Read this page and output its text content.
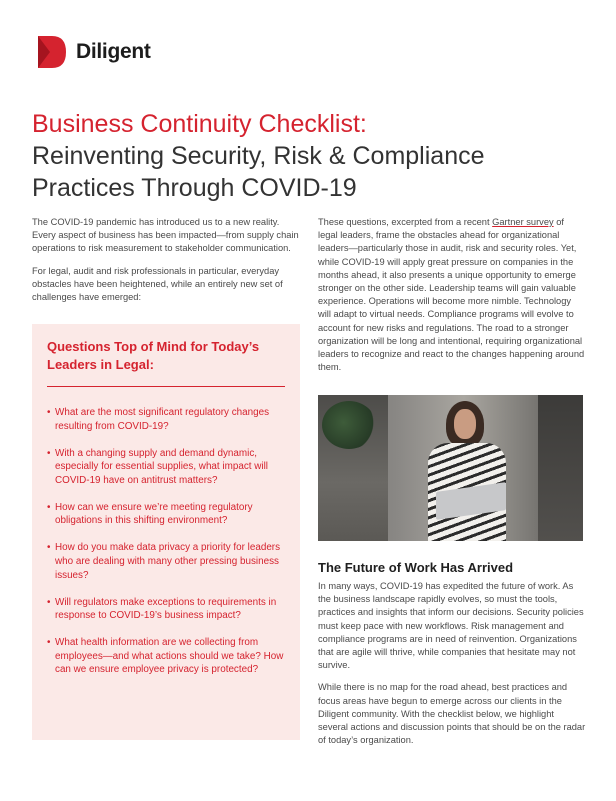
Diligent
Business Continuity Checklist:
Reinventing Security, Risk & Compliance Practices Through COVID-19

The COVID-19 pandemic has introduced us to a new reality. Every aspect of business has been impacted—from supply chain operations to risk measurement to stakeholder communication.

For legal, audit and risk professionals in particular, everyday obstacles have been heightened, while an entirely new set of challenges have emerged:

Questions Top of Mind for Today’s Leaders in Legal:
• What are the most significant regulatory changes resulting from COVID-19?
• With a changing supply and demand dynamic, especially for essential supplies, what impact will COVID-19 have on antitrust matters?
• How can we ensure we’re meeting regulatory obligations in this shifting environment?
• How do you make data privacy a priority for leaders who are dealing with many other pressing business issues?
• Will regulators make exceptions to requirements in response to COVID-19’s business impact?
• What health information are we collecting from employees—and what actions should we take? How can we ensure employee privacy is protected?

These questions, excerpted from a recent Gartner survey of legal leaders, frame the obstacles ahead for organizational leaders—particularly those in audit, risk and security roles. Yet, while COVID-19 will apply great pressure on companies in the months ahead, it also presents a unique opportunity to emerge stronger on the other side. Leadership teams will gain valuable experience. Operations will become more nimble. Technology will adapt to virtual needs. Compliance programs will evolve to account for new risks and regulations. The road to a stronger organization will be long and intentional, requiring organizational leaders to recognize and react to the changes happening around them.

The Future of Work Has Arrived

In many ways, COVID-19 has expedited the future of work. As the business landscape rapidly evolves, so must the tools, practices and insights that inform our decisions. Security policies must keep pace with new workflows. Risk management and compliance programs are in need of reinvention. Organizations that are agile will thrive, while companies that hesitate may not survive.

While there is no map for the road ahead, best practices and focus areas have begun to emerge across our clients in the Diligent community. With the checklist below, we highlight several actions and discussion points that should be on the radar of today’s organization.
